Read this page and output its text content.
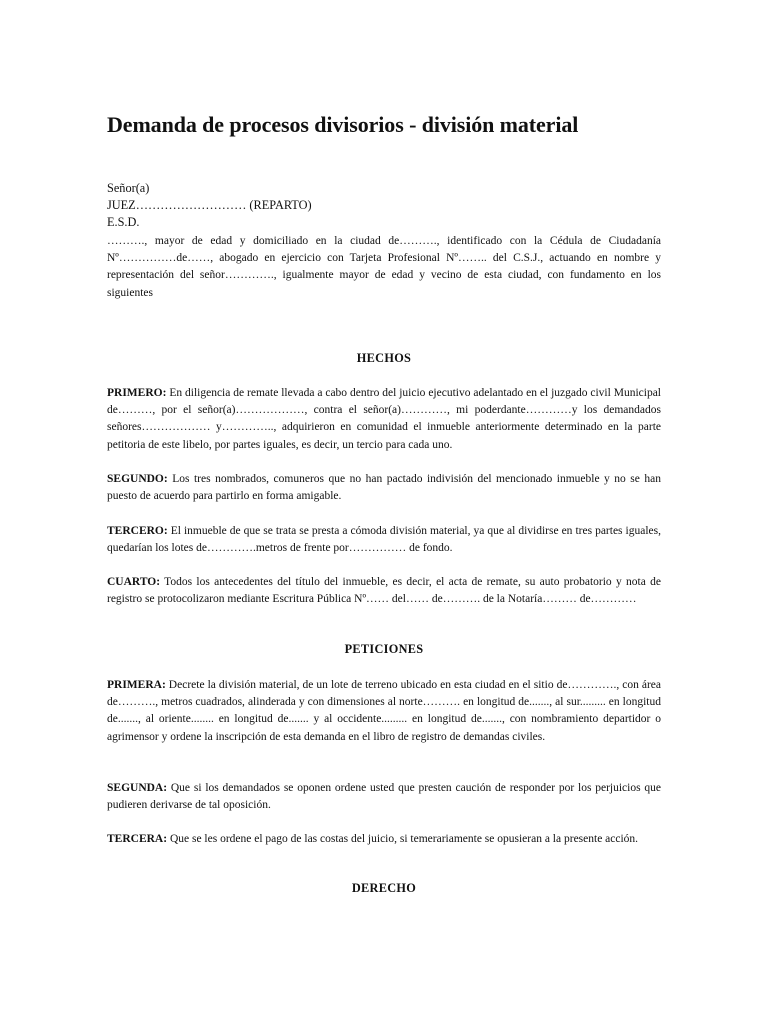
Demanda de procesos divisorios - división material
Señor(a)
JUEZ……………………… (REPARTO)
E.S.D.

………., mayor de edad y domiciliado en la ciudad de………., identificado con la Cédula de Ciudadanía Nº……………de……, abogado en ejercicio con Tarjeta Profesional Nº…….. del C.S.J., actuando en nombre y representación del señor…………., igualmente mayor de edad y vecino de esta ciudad, con fundamento en los siguientes

HECHOS

PRIMERO: En diligencia de remate llevada a cabo dentro del juicio ejecutivo adelantado en el juzgado civil Municipal de………, por el señor(a)………………, contra el señor(a)…………, mi poderdante…………y los demandados señores……………… y………….., adquirieron en comunidad el inmueble anteriormente determinado en la parte petitoria de este libelo, por partes iguales, es decir, un tercio para cada uno.

SEGUNDO: Los tres nombrados, comuneros que no han pactado indivisión del mencionado inmueble y no se han puesto de acuerdo para partirlo en forma amigable.

TERCERO: El inmueble de que se trata se presta a cómoda división material, ya que al dividirse en tres partes iguales, quedarían los lotes de………….metros de frente por…………… de fondo.

CUARTO: Todos los antecedentes del título del inmueble, es decir, el acta de remate, su auto probatorio y nota de registro se protocolizaron mediante Escritura Pública Nº…… del…… de………. de la Notaría……… de…………

PETICIONES

PRIMERA: Decrete la división material, de un lote de terreno ubicado en esta ciudad en el sitio de…………., con área de………., metros cuadrados, alinderada y con dimensiones al norte………. en longitud de......., al sur......... en longitud de......., al oriente........ en longitud de....... y al occidente......... en longitud de......., con nombramiento departidor o agrimensor y ordene la inscripción de esta demanda en el libro de registro de demandas civiles.

SEGUNDA: Que si los demandados se oponen ordene usted que presten caución de responder por los perjuicios que pudieren derivarse de tal oposición.

TERCERA: Que se les ordene el pago de las costas del juicio, si temerariamente se opusieran a la presente acción.

DERECHO
